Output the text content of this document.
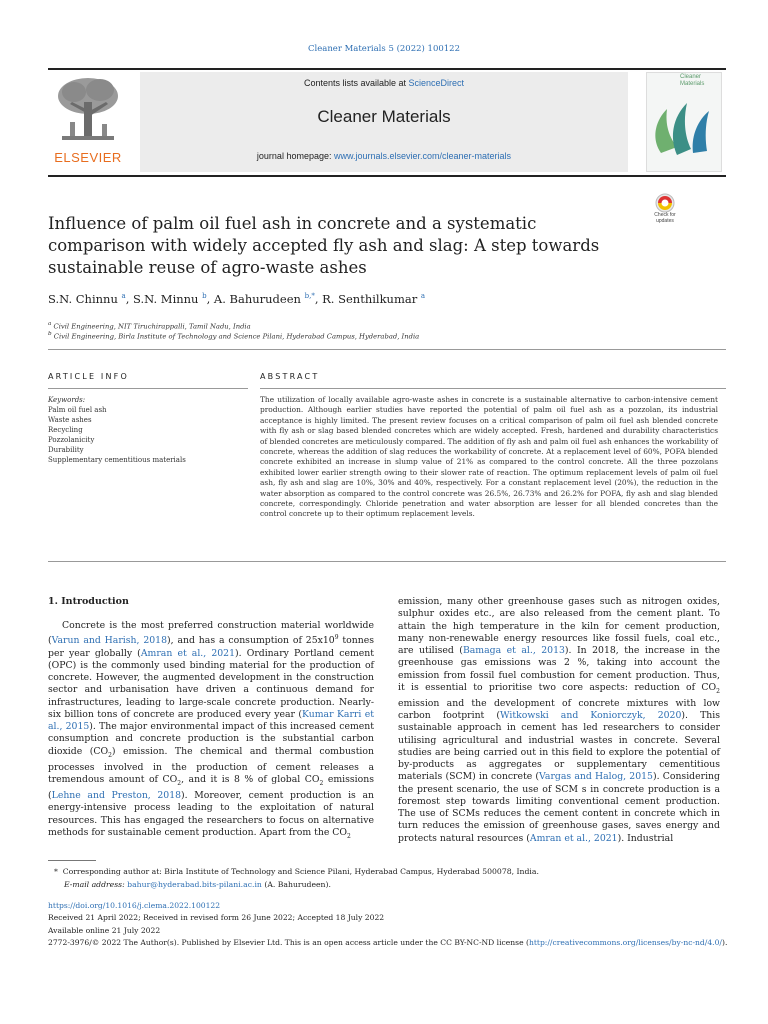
Cleaner Materials 5 (2022) 100122
ELSEVIER
Contents lists available at ScienceDirect
Cleaner Materials
journal homepage: www.journals.elsevier.com/cleaner-materials
Cleaner Materials
Check for updates
Influence of palm oil fuel ash in concrete and a systematic comparison with widely accepted fly ash and slag: A step towards sustainable reuse of agro-waste ashes
S.N. Chinnu $^a$, S.N. Minnu $^b$, A. Bahurudeen $^{b,*}$, R. Senthilkumar $^a$
$^a$ Civil Engineering, NIT Tiruchirappalli, Tamil Nadu, India
$^b$ Civil Engineering, Birla Institute of Technology and Science Pilani, Hyderabad Campus, Hyderabad, India
ARTICLE INFO	ABSTRACT
Keywords:
Palm oil fuel ash
Waste ashes
Recycling
Pozzolanicity
Durability
Supplementary cementitious materials
The utilization of locally available agro-waste ashes in concrete is a sustainable alternative to carbon-intensive cement production. Although earlier studies have reported the potential of palm oil fuel ash as a pozzolan, its industrial acceptance is highly limited. The present review focuses on a critical comparison of palm oil fuel ash blended concrete with fly ash or slag based blended concretes which are widely accepted. Fresh, hardened and durability characteristics of blended concretes are meticulously compared. The addition of fly ash and palm oil fuel ash enhances the workability of concrete, whereas the addition of slag reduces the workability of concrete. At a replacement level of 60%, POFA blended concrete exhibited an increase in slump value of 21% as compared to the control concrete. All the three pozzolans exhibited lower earlier strength owing to their slower rate of reaction. The optimum replacement levels of palm oil fuel ash, fly ash and slag are 10%, 30% and 40%, respectively. For a constant replacement level (20%), the reduction in the water absorption as compared to the control concrete was 26.5%, 26.73% and 26.2% for POFA, fly ash and slag blended concrete, correspondingly. Chloride penetration and water absorption are lesser for all blended concretes than the control concrete up to their optimum replacement levels.
1. Introduction

Concrete is the most preferred construction material worldwide (Varun and Harish, 2018), and has a consumption of $25x10^9$ tonnes per year globally (Amran et al., 2021). Ordinary Portland cement (OPC) is the commonly used binding material for the production of concrete. However, the augmented development in the construction sector and urbanisation have driven a continuous demand for infrastructures, leading to large-scale concrete production. Nearly-six billion tons of concrete are produced every year (Kumar Karri et al., 2015). The major environmental impact of this increased cement consumption and concrete production is the substantial carbon dioxide $(CO_2)$ emission. The chemical and thermal combustion processes involved in the production of cement releases a tremendous amount of $CO_2$, and it is 8 % of global $CO_2$ emissions (Lehne and Preston, 2018). Moreover, cement production is an energy-intensive process leading to the exploitation of natural resources. This has engaged the researchers to focus on alternative methods for sustainable cement production. Apart from the $CO_2$

emission, many other greenhouse gases such as nitrogen oxides, sulphur oxides etc., are also released from the cement plant. To attain the high temperature in the kiln for cement production, many non-renewable energy resources like fossil fuels, coal etc., are utilised (Bamaga et al., 2013). In 2018, the increase in the greenhouse gas emissions was 2 %, taking into account the emission from fossil fuel combustion for cement production. Thus, it is essential to prioritise two core aspects: reduction of $CO_2$ emission and the development of concrete mixtures with low carbon footprint (Witkowski and Koniorczyk, 2020). This sustainable approach in cement has led researchers to consider utilising agricultural and industrial wastes in concrete. Several studies are being carried out in this field to explore the potential of by-products as aggregates or supplementary cementitious materials (SCM) in concrete (Vargas and Halog, 2015). Considering the present scenario, the use of SCM s in concrete production is a foremost step towards limiting conventional cement production. The use of SCMs reduces the cement content in concrete which in turn reduces the emission of greenhouse gases, saves energy and protects natural resources (Amran et al., 2021). Industrial

* Corresponding author at: Birla Institute of Technology and Science Pilani, Hyderabad Campus, Hyderabad 500078, India.
E-mail address: bahur@hyderabad.bits-pilani.ac.in (A. Bahurudeen).
https://doi.org/10.1016/j.clema.2022.100122
Received 21 April 2022; Received in revised form 26 June 2022; Accepted 18 July 2022
Available online 21 July 2022
2772-3976/© 2022 The Author(s). Published by Elsevier Ltd. This is an open access article under the CC BY-NC-ND license (http://creativecommons.org/licenses/by-nc-nd/4.0/).
